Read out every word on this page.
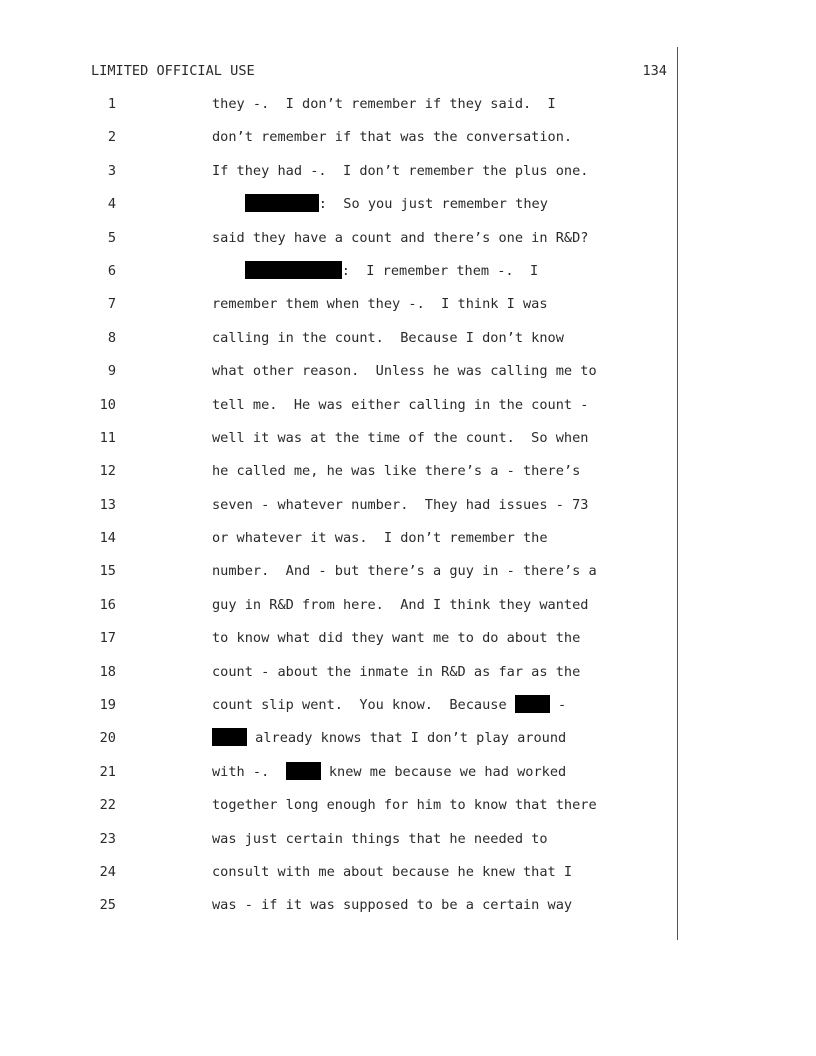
LIMITED OFFICIAL USE	134
1	they -.  I don’t remember if they said.  I
2	don’t remember if that was the conversation.
3	If they had -.  I don’t remember the plus one.
4	:  So you just remember they
5	said they have a count and there’s one in R&D?
6	:  I remember them -.  I
7	remember them when they -.  I think I was
8	calling in the count.  Because I don’t know
9	what other reason.  Unless he was calling me to
10	tell me.  He was either calling in the count -
11	well it was at the time of the count.  So when
12	he called me, he was like there’s a - there’s
13	seven - whatever number.  They had issues - 73
14	or whatever it was.  I don’t remember the
15	number.  And - but there’s a guy in - there’s a
16	guy in R&D from here.  And I think they wanted
17	to know what did they want me to do about the
18	count - about the inmate in R&D as far as the
19	count slip went.  You know.  Because	-
20	already knows that I don’t play around
21	with -.	knew me because we had worked
22	together long enough for him to know that there
23	was just certain things that he needed to
24	consult with me about because he knew that I
25	was - if it was supposed to be a certain way
